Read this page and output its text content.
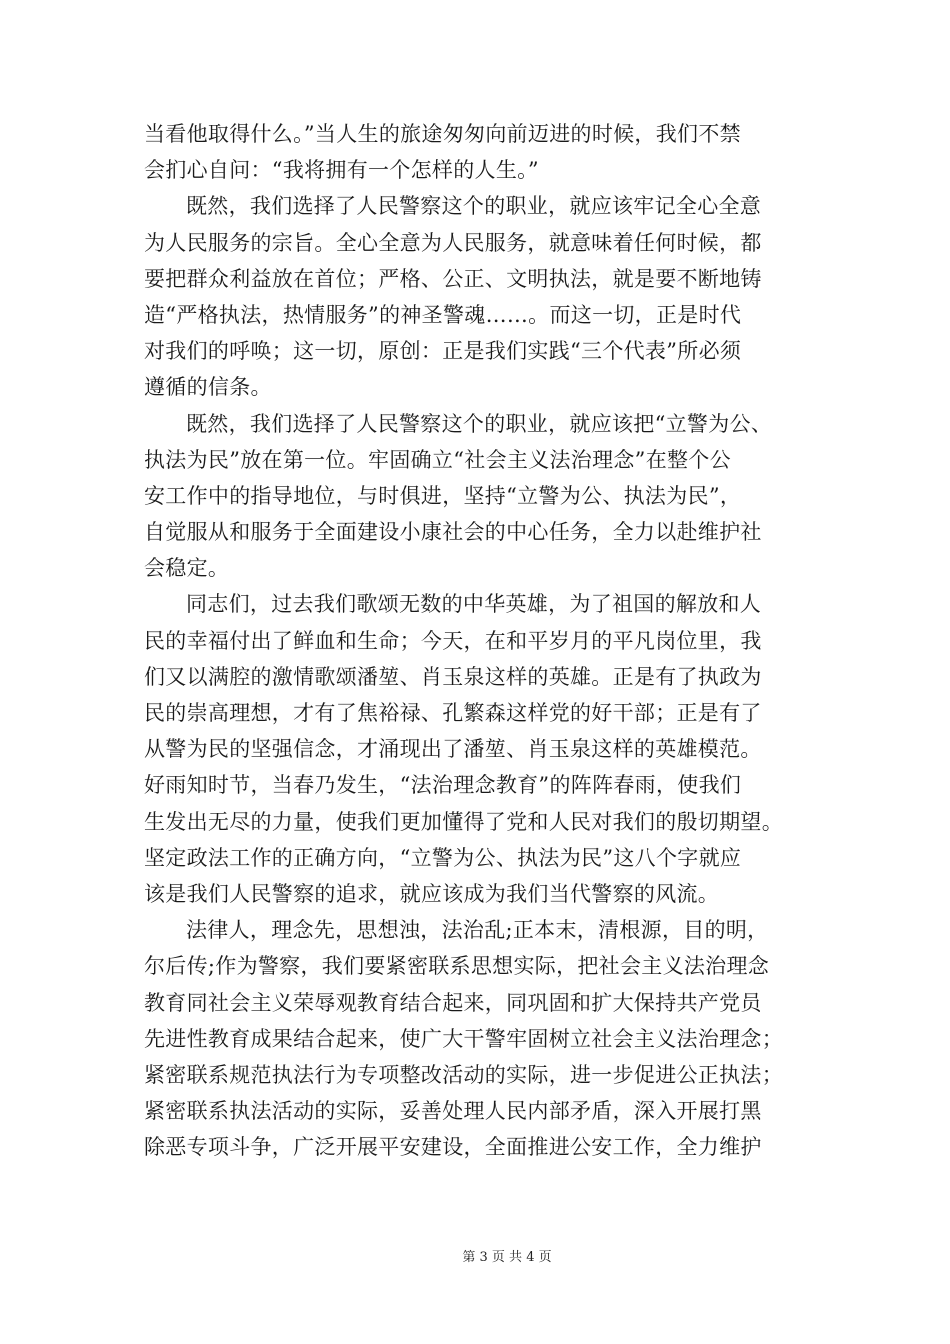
当看他取得什么。”当人生的旅途匆匆向前迈进的时候，我们不禁
会扪心自问：“我将拥有一个怎样的人生。”
既然，我们选择了人民警察这个的职业，就应该牢记全心全意
为人民服务的宗旨。全心全意为人民服务，就意味着任何时候，都
要把群众利益放在首位；严格、公正、文明执法，就是要不断地铸
造“严格执法，热情服务”的神圣警魂……。而这一切，正是时代
对我们的呼唤；这一切，原创：正是我们实践“三个代表”所必须
遵循的信条。
既然，我们选择了人民警察这个的职业，就应该把“立警为公、
执法为民”放在第一位。牢固确立“社会主义法治理念”在整个公
安工作中的指导地位，与时俱进，坚持“立警为公、执法为民”，
自觉服从和服务于全面建设小康社会的中心任务，全力以赴维护社
会稳定。
同志们，过去我们歌颂无数的中华英雄，为了祖国的解放和人
民的幸福付出了鲜血和生命；今天，在和平岁月的平凡岗位里，我
们又以满腔的激情歌颂潘堃、肖玉泉这样的英雄。正是有了执政为
民的崇高理想，才有了焦裕禄、孔繁森这样党的好干部；正是有了
从警为民的坚强信念，才涌现出了潘堃、肖玉泉这样的英雄模范。
好雨知时节，当春乃发生，“法治理念教育”的阵阵春雨，使我们
生发出无尽的力量，使我们更加懂得了党和人民对我们的殷切期望。
坚定政法工作的正确方向，“立警为公、执法为民”这八个字就应
该是我们人民警察的追求，就应该成为我们当代警察的风流。
法律人，理念先，思想浊，法治乱;正本末，清根源，目的明，
尔后传;作为警察，我们要紧密联系思想实际，把社会主义法治理念
教育同社会主义荣辱观教育结合起来，同巩固和扩大保持共产党员
先进性教育成果结合起来，使广大干警牢固树立社会主义法治理念；
紧密联系规范执法行为专项整改活动的实际，进一步促进公正执法；
紧密联系执法活动的实际，妥善处理人民内部矛盾，深入开展打黑
除恶专项斗争，广泛开展平安建设，全面推进公安工作，全力维护
第 3 页 共 4 页
